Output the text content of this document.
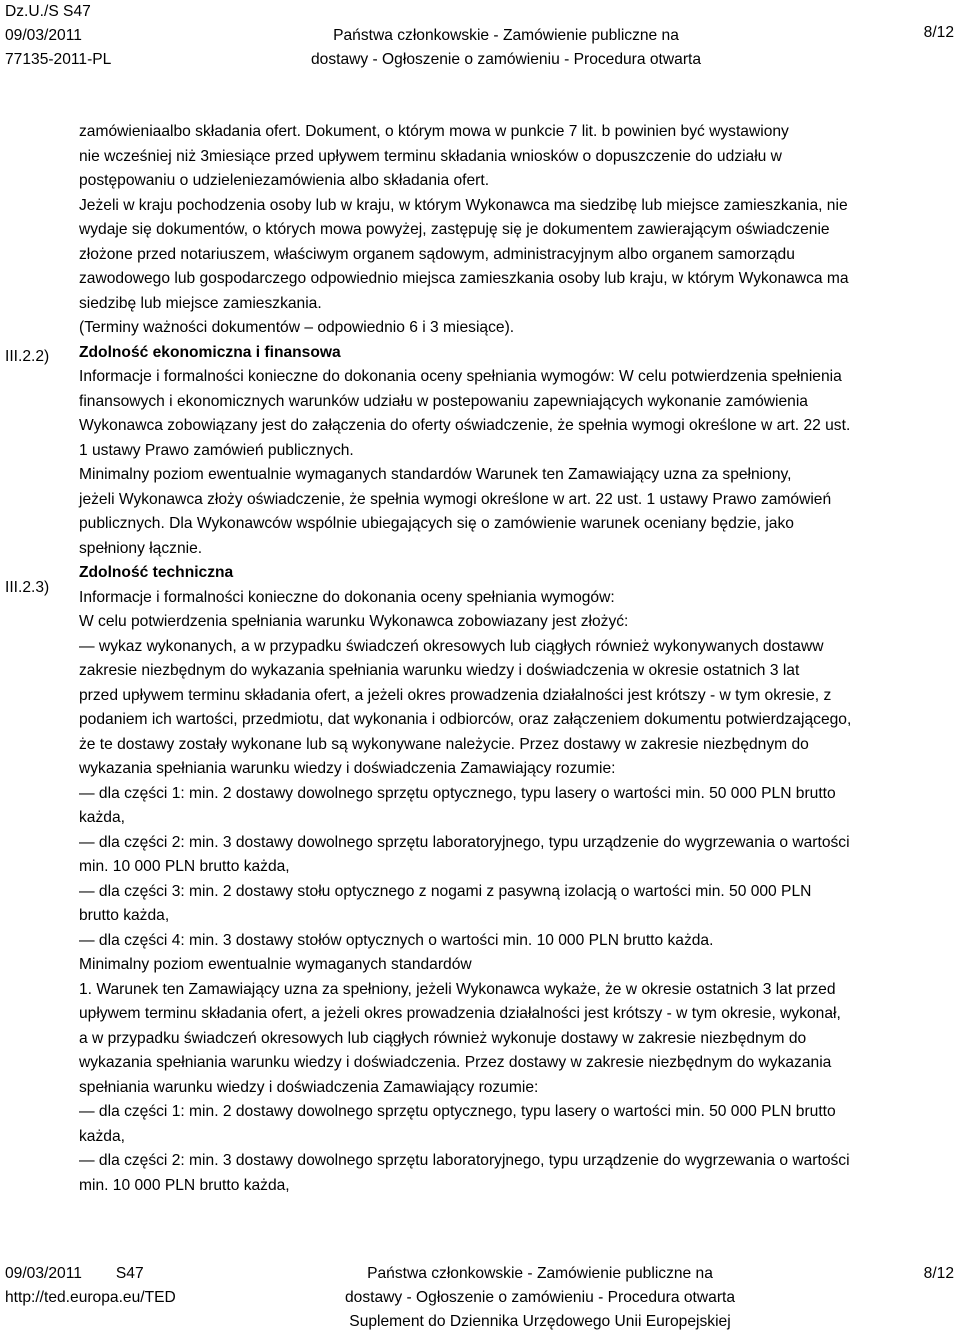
Dz.U./S S47
09/03/2011
77135-2011-PL
Państwa członkowskie - Zamówienie publiczne na
dostawy - Ogłoszenie o zamówieniu - Procedura otwarta
8/12
III.2.2)
III.2.3)
zamówieniaalbo składania ofert. Dokument, o którym mowa w punkcie 7 lit. b powinien być wystawiony
nie wcześniej niż 3miesiące przed upływem terminu składania wniosków o dopuszczenie do udziału w
postępowaniu o udzieleniezamówienia albo składania ofert.
Jeżeli w kraju pochodzenia osoby lub w kraju, w którym Wykonawca ma siedzibę lub miejsce zamieszkania, nie
wydaje się dokumentów, o których mowa powyżej, zastępuję się je dokumentem zawierającym oświadczenie
złożone przed notariuszem, właściwym organem sądowym, administracyjnym albo organem samorządu
zawodowego lub gospodarczego odpowiednio miejsca zamieszkania osoby lub kraju, w którym Wykonawca ma
siedzibę lub miejsce zamieszkania.
(Terminy ważności dokumentów – odpowiednio 6 i 3 miesiące).
Zdolność ekonomiczna i finansowa
Informacje i formalności konieczne do dokonania oceny spełniania wymogów: W celu potwierdzenia spełnienia
finansowych i ekonomicznych warunków udziału w postepowaniu zapewniających wykonanie zamówienia
Wykonawca zobowiązany jest do załączenia do oferty oświadczenie, że spełnia wymogi określone w art. 22 ust.
1 ustawy Prawo zamówień publicznych.
Minimalny poziom ewentualnie wymaganych standardów Warunek ten Zamawiający uzna za spełniony,
jeżeli Wykonawca złoży oświadczenie, że spełnia wymogi określone w art. 22 ust. 1 ustawy Prawo zamówień
publicznych. Dla Wykonawców wspólnie ubiegających się o zamówienie warunek oceniany będzie, jako
spełniony łącznie.
Zdolność techniczna
Informacje i formalności konieczne do dokonania oceny spełniania wymogów:
W celu potwierdzenia spełniania warunku Wykonawca zobowiazany jest złożyć:
— wykaz wykonanych, a w przypadku świadczeń okresowych lub ciągłych również wykonywanych dostaww
zakresie niezbędnym do wykazania spełniania warunku wiedzy i doświadczenia w okresie ostatnich 3 lat
przed upływem terminu składania ofert, a jeżeli okres prowadzenia działalności jest krótszy - w tym okresie, z
podaniem ich wartości, przedmiotu, dat wykonania i odbiorców, oraz załączeniem dokumentu potwierdzającego,
że te dostawy zostały wykonane lub są wykonywane należycie. Przez dostawy w zakresie niezbędnym do
wykazania spełniania warunku wiedzy i doświadczenia Zamawiający rozumie:
— dla części 1: min. 2 dostawy dowolnego sprzętu optycznego, typu lasery o wartości min. 50 000 PLN brutto
każda,
— dla części 2: min. 3 dostawy dowolnego sprzętu laboratoryjnego, typu urządzenie do wygrzewania o wartości
min. 10 000 PLN brutto każda,
— dla części 3: min. 2 dostawy stołu optycznego z nogami z pasywną izolacją o wartości min. 50 000 PLN
brutto każda,
— dla części 4: min. 3 dostawy stołów optycznych o wartości min. 10 000 PLN brutto każda.
Minimalny poziom ewentualnie wymaganych standardów
1. Warunek ten Zamawiający uzna za spełniony, jeżeli Wykonawca wykaże, że w okresie ostatnich 3 lat przed
upływem terminu składania ofert, a jeżeli okres prowadzenia działalności jest krótszy - w tym okresie, wykonał,
a w przypadku świadczeń okresowych lub ciągłych również wykonuje dostawy w zakresie niezbędnym do
wykazania spełniania warunku wiedzy i doświadczenia. Przez dostawy w zakresie niezbędnym do wykazania
spełniania warunku wiedzy i doświadczenia Zamawiający rozumie:
— dla części 1: min. 2 dostawy dowolnego sprzętu optycznego, typu lasery o wartości min. 50 000 PLN brutto
każda,
— dla części 2: min. 3 dostawy dowolnego sprzętu laboratoryjnego, typu urządzenie do wygrzewania o wartości
min. 10 000 PLN brutto każda,
09/03/2011 S47
http://ted.europa.eu/TED
Państwa członkowskie - Zamówienie publiczne na
dostawy - Ogłoszenie o zamówieniu - Procedura otwarta
Suplement do Dziennika Urzędowego Unii Europejskiej
8/12
